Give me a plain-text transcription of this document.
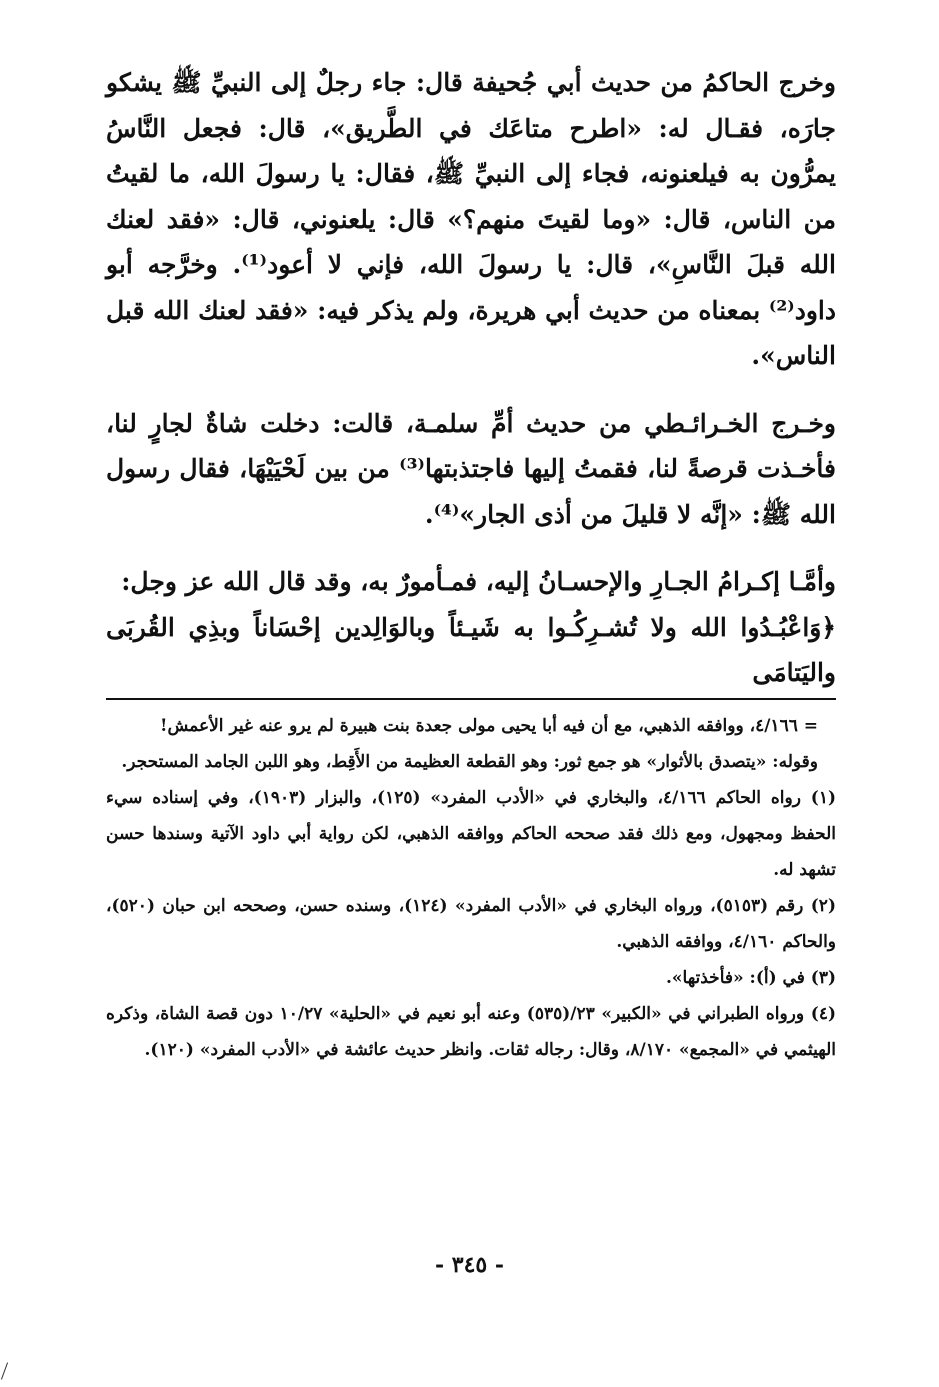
وخرج الحاكمُ من حديث أبي جُحيفة قال: جاء رجلٌ إلى النبيِّ ﷺ يشكو جارَه، فقـال له: «اطرح متاعَك في الطَّريق»، قال: فجعل النَّاسُ يمرُّون به فيلعنونه، فجاء إلى النبيِّ ﷺ، فقال: يا رسولَ الله، ما لقيتُ من الناس، قال: «وما لقيتَ منهم؟» قال: يلعنوني، قال: «فقد لعنك الله قبلَ النَّاسِ»، قال: يا رسولَ الله، فإني لا أعود⁽¹⁾. وخرَّجه أبو داود⁽²⁾ بمعناه من حديث أبي هريرة، ولم يذكر فيه: «فقد لعنك الله قبل الناس».

وخـرج الخـرائـطي من حديث أمِّ سلمـة، قالت: دخلت شاةٌ لجارٍ لنا، فأخـذت قرصةً لنا، فقمتُ إليها فاجتذبتها⁽³⁾ من بين لَحْيَيْهَا، فقال رسول الله ﷺ: «إنَّه لا قليلَ من أذى الجار»⁽⁴⁾.

وأمَّـا إكـرامُ الجـارِ والإحسـانُ إليه، فمـأمورٌ به، وقد قال الله عز وجل:

﴿وَاعْبُـدُوا الله ولا تُشـرِكُـوا به شَيـئاً وبالوَالِدين إحْسَاناً وبذِي القُربَى واليَتامَى

= ٤/١٦٦، ووافقه الذهبي، مع أن فيه أبا يحيى مولى جعدة بنت هبيرة لم يرو عنه غير الأعمش!

وقوله: «يتصدق بالأثوار» هو جمع ثور: وهو القطعة العظيمة من الأَقِط، وهو اللبن الجامد المستحجر.

(١) رواه الحاكم ٤/١٦٦، والبخاري في «الأدب المفرد» (١٢٥)، والبزار (١٩٠٣)، وفي إسناده سيء الحفظ ومجهول، ومع ذلك فقد صححه الحاكم ووافقه الذهبي، لكن رواية أبي داود الآتية وسندها حسن تشهد له.

(٢) رقم (٥١٥٣)، ورواه البخاري في «الأدب المفرد» (١٢٤)، وسنده حسن، وصححه ابن حبان (٥٢٠)، والحاكم ٤/١٦٠، ووافقه الذهبي.

(٣) في (أ): «فأخذتها».

(٤) ورواه الطبراني في «الكبير» ٢٣/(٥٣٥) وعنه أبو نعيم في «الحلية» ١٠/٢٧ دون قصة الشاة، وذكره الهيثمي في «المجمع» ٨/١٧٠، وقال: رجاله ثقات. وانظر حديث عائشة في «الأدب المفرد» (١٢٠).

- ٣٤٥ -
